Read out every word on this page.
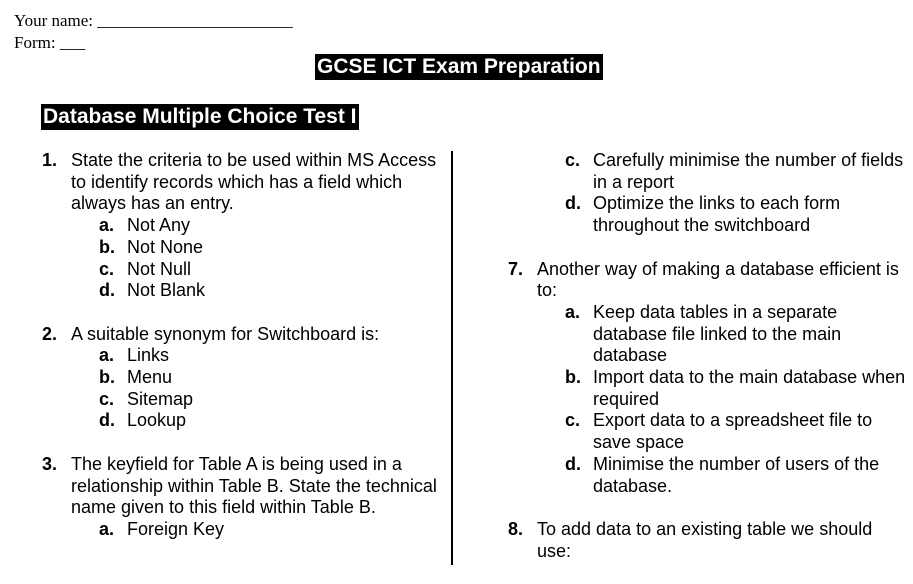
Your name: _______________________
Form: ___
GCSE ICT Exam Preparation
Database Multiple Choice Test I
1. State the criteria to be used within MS Access to identify records which has a field which always has an entry.
a. Not Any
b. Not None
c. Not Null
d. Not Blank
2. A suitable synonym for Switchboard is:
a. Links
b. Menu
c. Sitemap
d. Lookup
3. The keyfield for Table A is being used in a relationship within Table B. State the technical name given to this field within Table B.
a. Foreign Key
c. Carefully minimise the number of fields in a report
d. Optimize the links to each form throughout the switchboard
7. Another way of making a database efficient is to:
a. Keep data tables in a separate database file linked to the main database
b. Import data to the main database when required
c. Export data to a spreadsheet file to save space
d. Minimise the number of users of the database.
8. To add data to an existing table we should use:
